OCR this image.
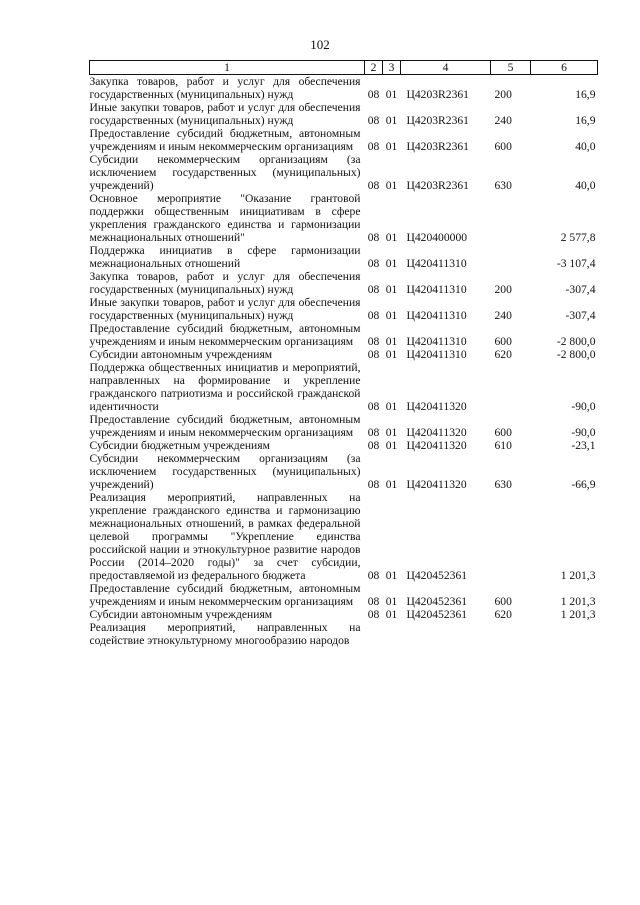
102
1	2	3	4	5	6
Закупка товаров, работ и услуг для обеспечения государственных (муниципальных) нужд	08	01	Ц4203R2361	200	16,9
Иные закупки товаров, работ и услуг для обеспечения государственных (муниципальных) нужд	08	01	Ц4203R2361	240	16,9
Предоставление субсидий бюджетным, автономным учреждениям и иным некоммерческим организациям	08	01	Ц4203R2361	600	40,0
Субсидии некоммерческим организациям (за исключением государственных (муниципальных) учреждений)	08	01	Ц4203R2361	630	40,0
Основное мероприятие "Оказание грантовой поддержки общественным инициативам в сфере укрепления гражданского единства и гармонизации межнациональных отношений"	08	01	Ц420400000		2 577,8
Поддержка инициатив в сфере гармонизации межнациональных отношений	08	01	Ц420411310		-3 107,4
Закупка товаров, работ и услуг для обеспечения государственных (муниципальных) нужд	08	01	Ц420411310	200	-307,4
Иные закупки товаров, работ и услуг для обеспечения государственных (муниципальных) нужд	08	01	Ц420411310	240	-307,4
Предоставление субсидий бюджетным, автономным учреждениям и иным некоммерческим организациям	08	01	Ц420411310	600	-2 800,0
Субсидии автономным учреждениям	08	01	Ц420411310	620	-2 800,0
Поддержка общественных инициатив и мероприятий, направленных на формирование и укрепление гражданского патриотизма и российской гражданской идентичности	08	01	Ц420411320		-90,0
Предоставление субсидий бюджетным, автономным учреждениям и иным некоммерческим организациям	08	01	Ц420411320	600	-90,0
Субсидии бюджетным учреждениям	08	01	Ц420411320	610	-23,1
Субсидии некоммерческим организациям (за исключением государственных (муниципальных) учреждений)	08	01	Ц420411320	630	-66,9
Реализация мероприятий, направленных на укрепление гражданского единства и гармонизацию межнациональных отношений, в рамках федеральной целевой программы "Укрепление единства российской нации и этнокультурное развитие народов России (2014–2020 годы)" за счет субсидии, предоставляемой из федерального бюджета	08	01	Ц420452361		1 201,3
Предоставление субсидий бюджетным, автономным учреждениям и иным некоммерческим организациям	08	01	Ц420452361	600	1 201,3
Субсидии автономным учреждениям	08	01	Ц420452361	620	1 201,3
Реализация мероприятий, направленных на содействие этнокультурному многообразию народов					
